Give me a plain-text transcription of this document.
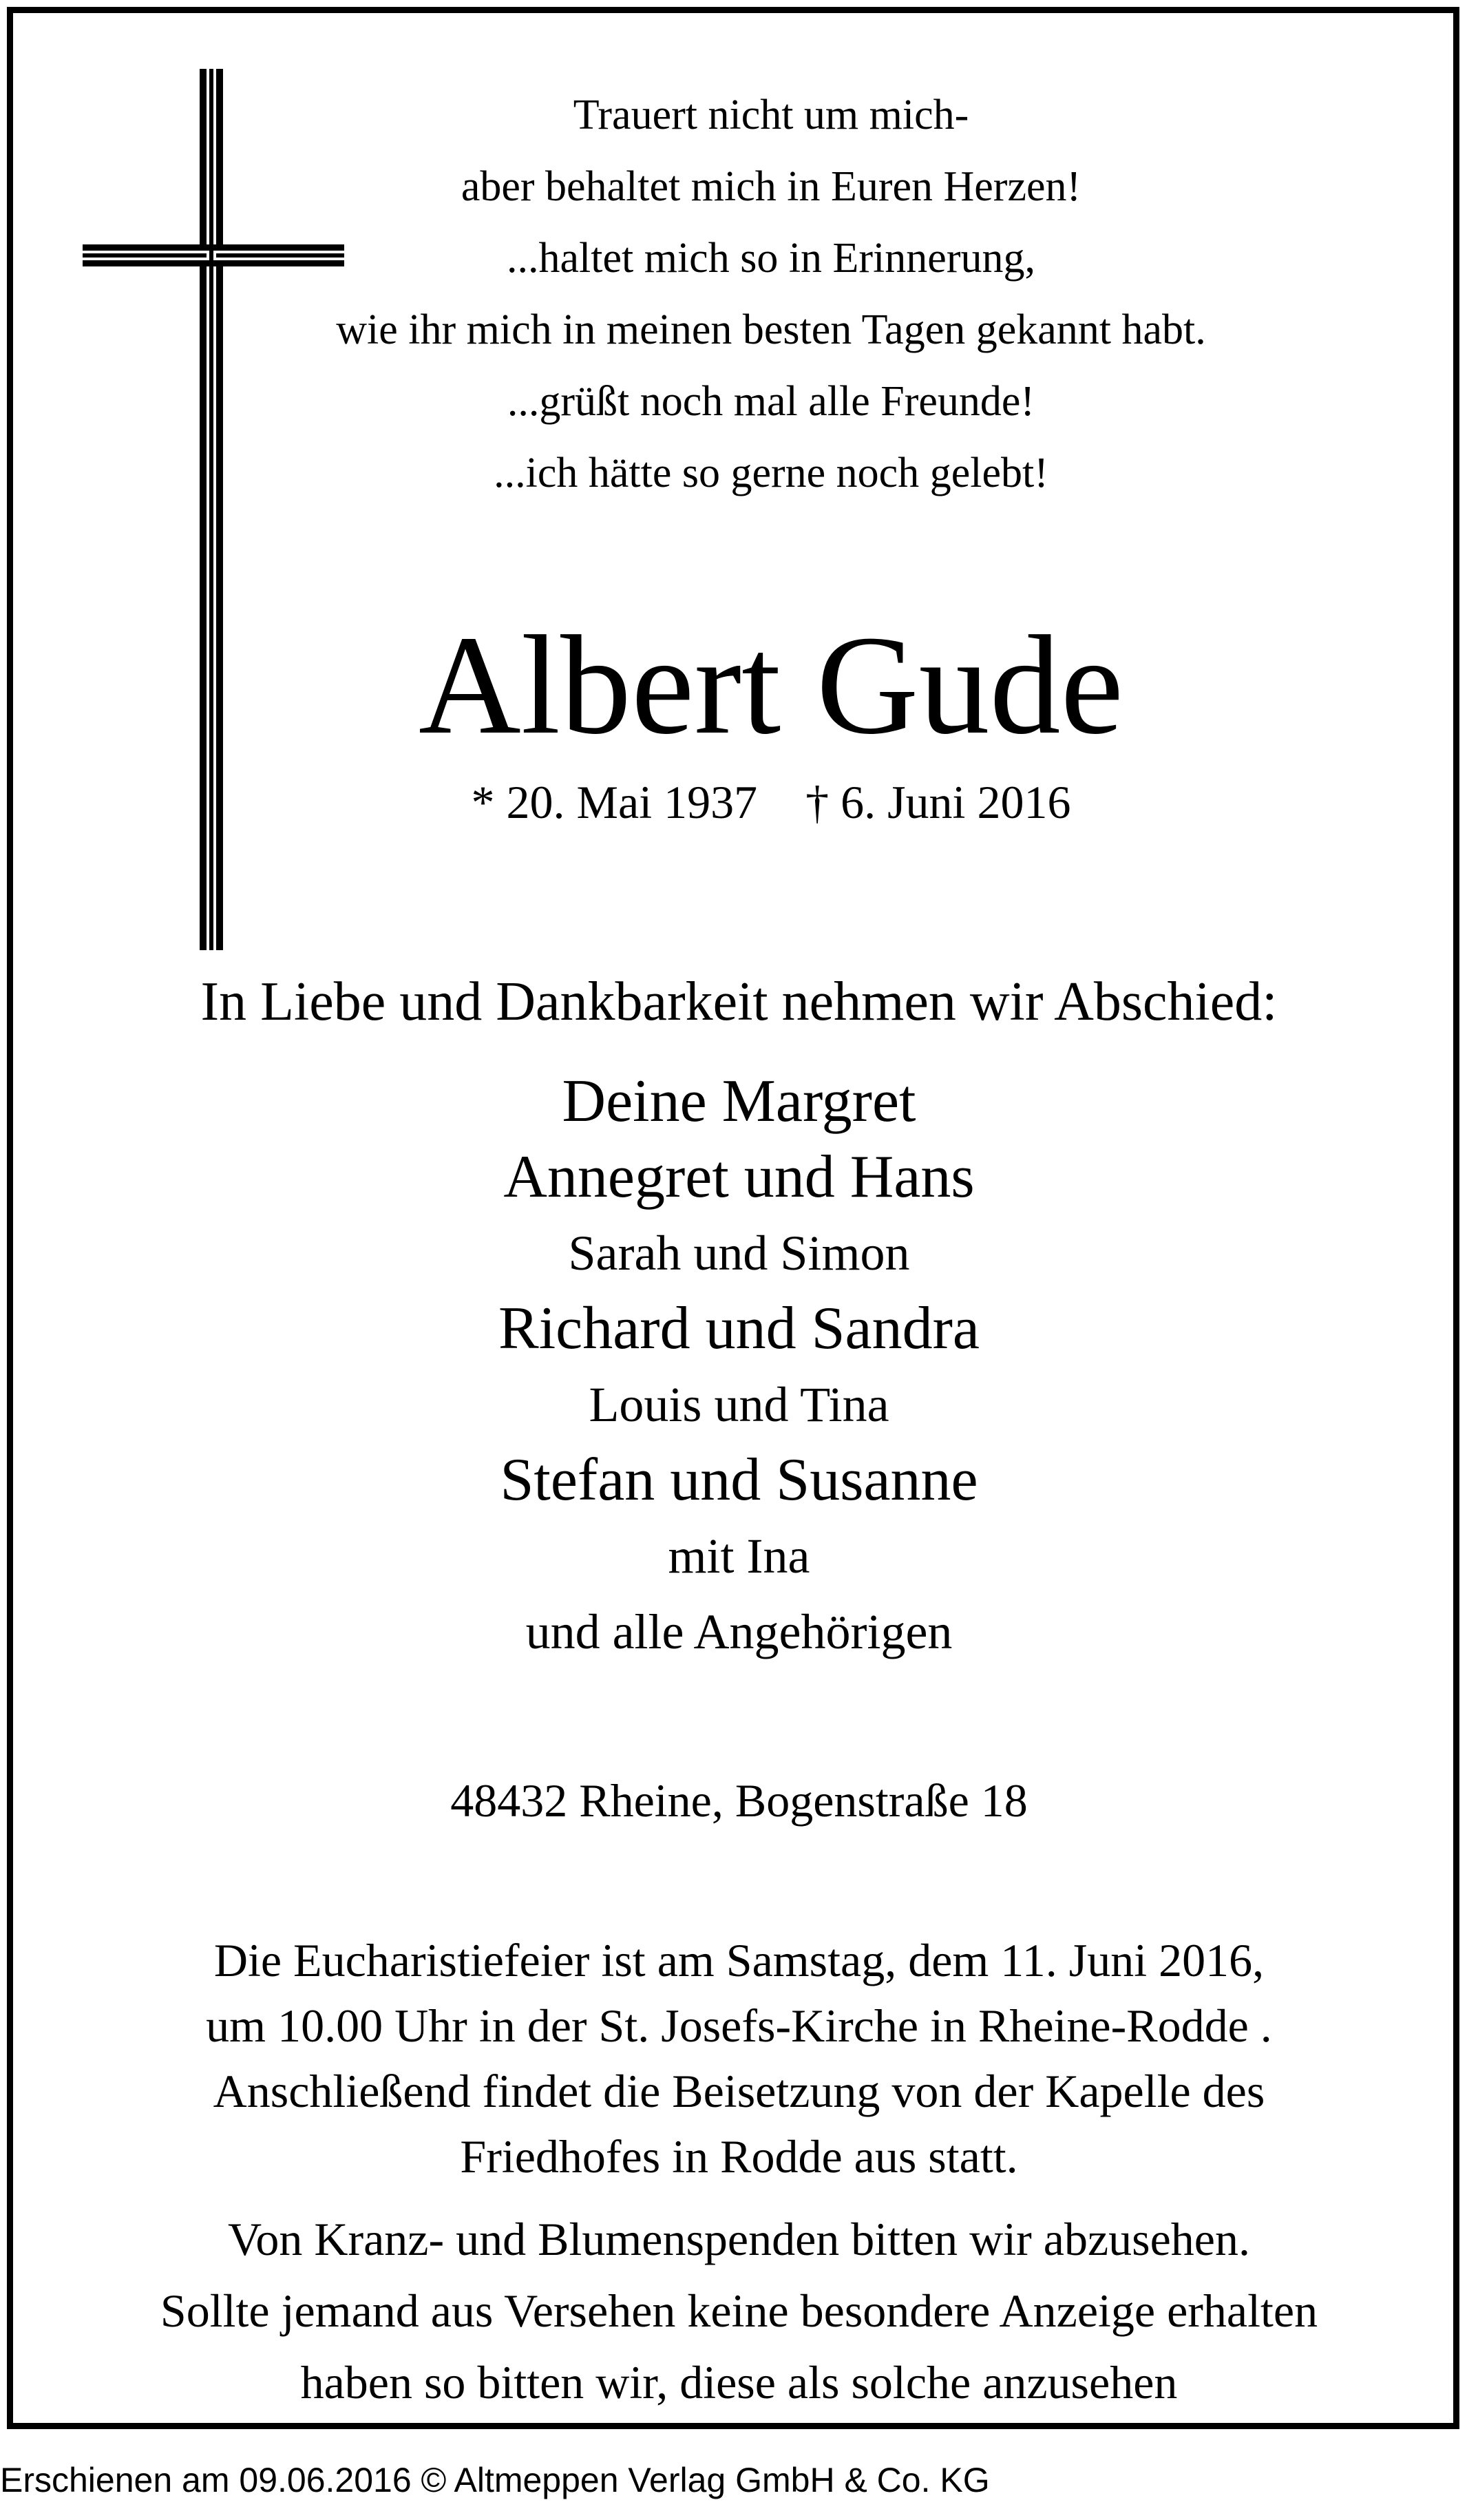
Trauert nicht um mich-
aber behaltet mich in Euren Herzen!
...haltet mich so in Erinnerung,
wie ihr mich in meinen besten Tagen gekannt habt.
...grüßt noch mal alle Freunde!
...ich hätte so gerne noch gelebt!
Albert Gude
* 20. Mai 1937 † 6. Juni 2016
In Liebe und Dankbarkeit nehmen wir Abschied:
Deine Margret
Annegret und Hans
Sarah und Simon
Richard und Sandra
Louis und Tina
Stefan und Susanne
mit Ina
und alle Angehörigen
48432 Rheine, Bogenstraße 18
Die Eucharistiefeier ist am Samstag, dem 11. Juni 2016,
um 10.00 Uhr in der St. Josefs-Kirche in Rheine-Rodde .
Anschließend findet die Beisetzung von der Kapelle des
Friedhofes in Rodde aus statt.
Von Kranz- und Blumenspenden bitten wir abzusehen.
Sollte jemand aus Versehen keine besondere Anzeige erhalten
haben so bitten wir, diese als solche anzusehen
Erschienen am 09.06.2016 © Altmeppen Verlag GmbH & Co. KG
